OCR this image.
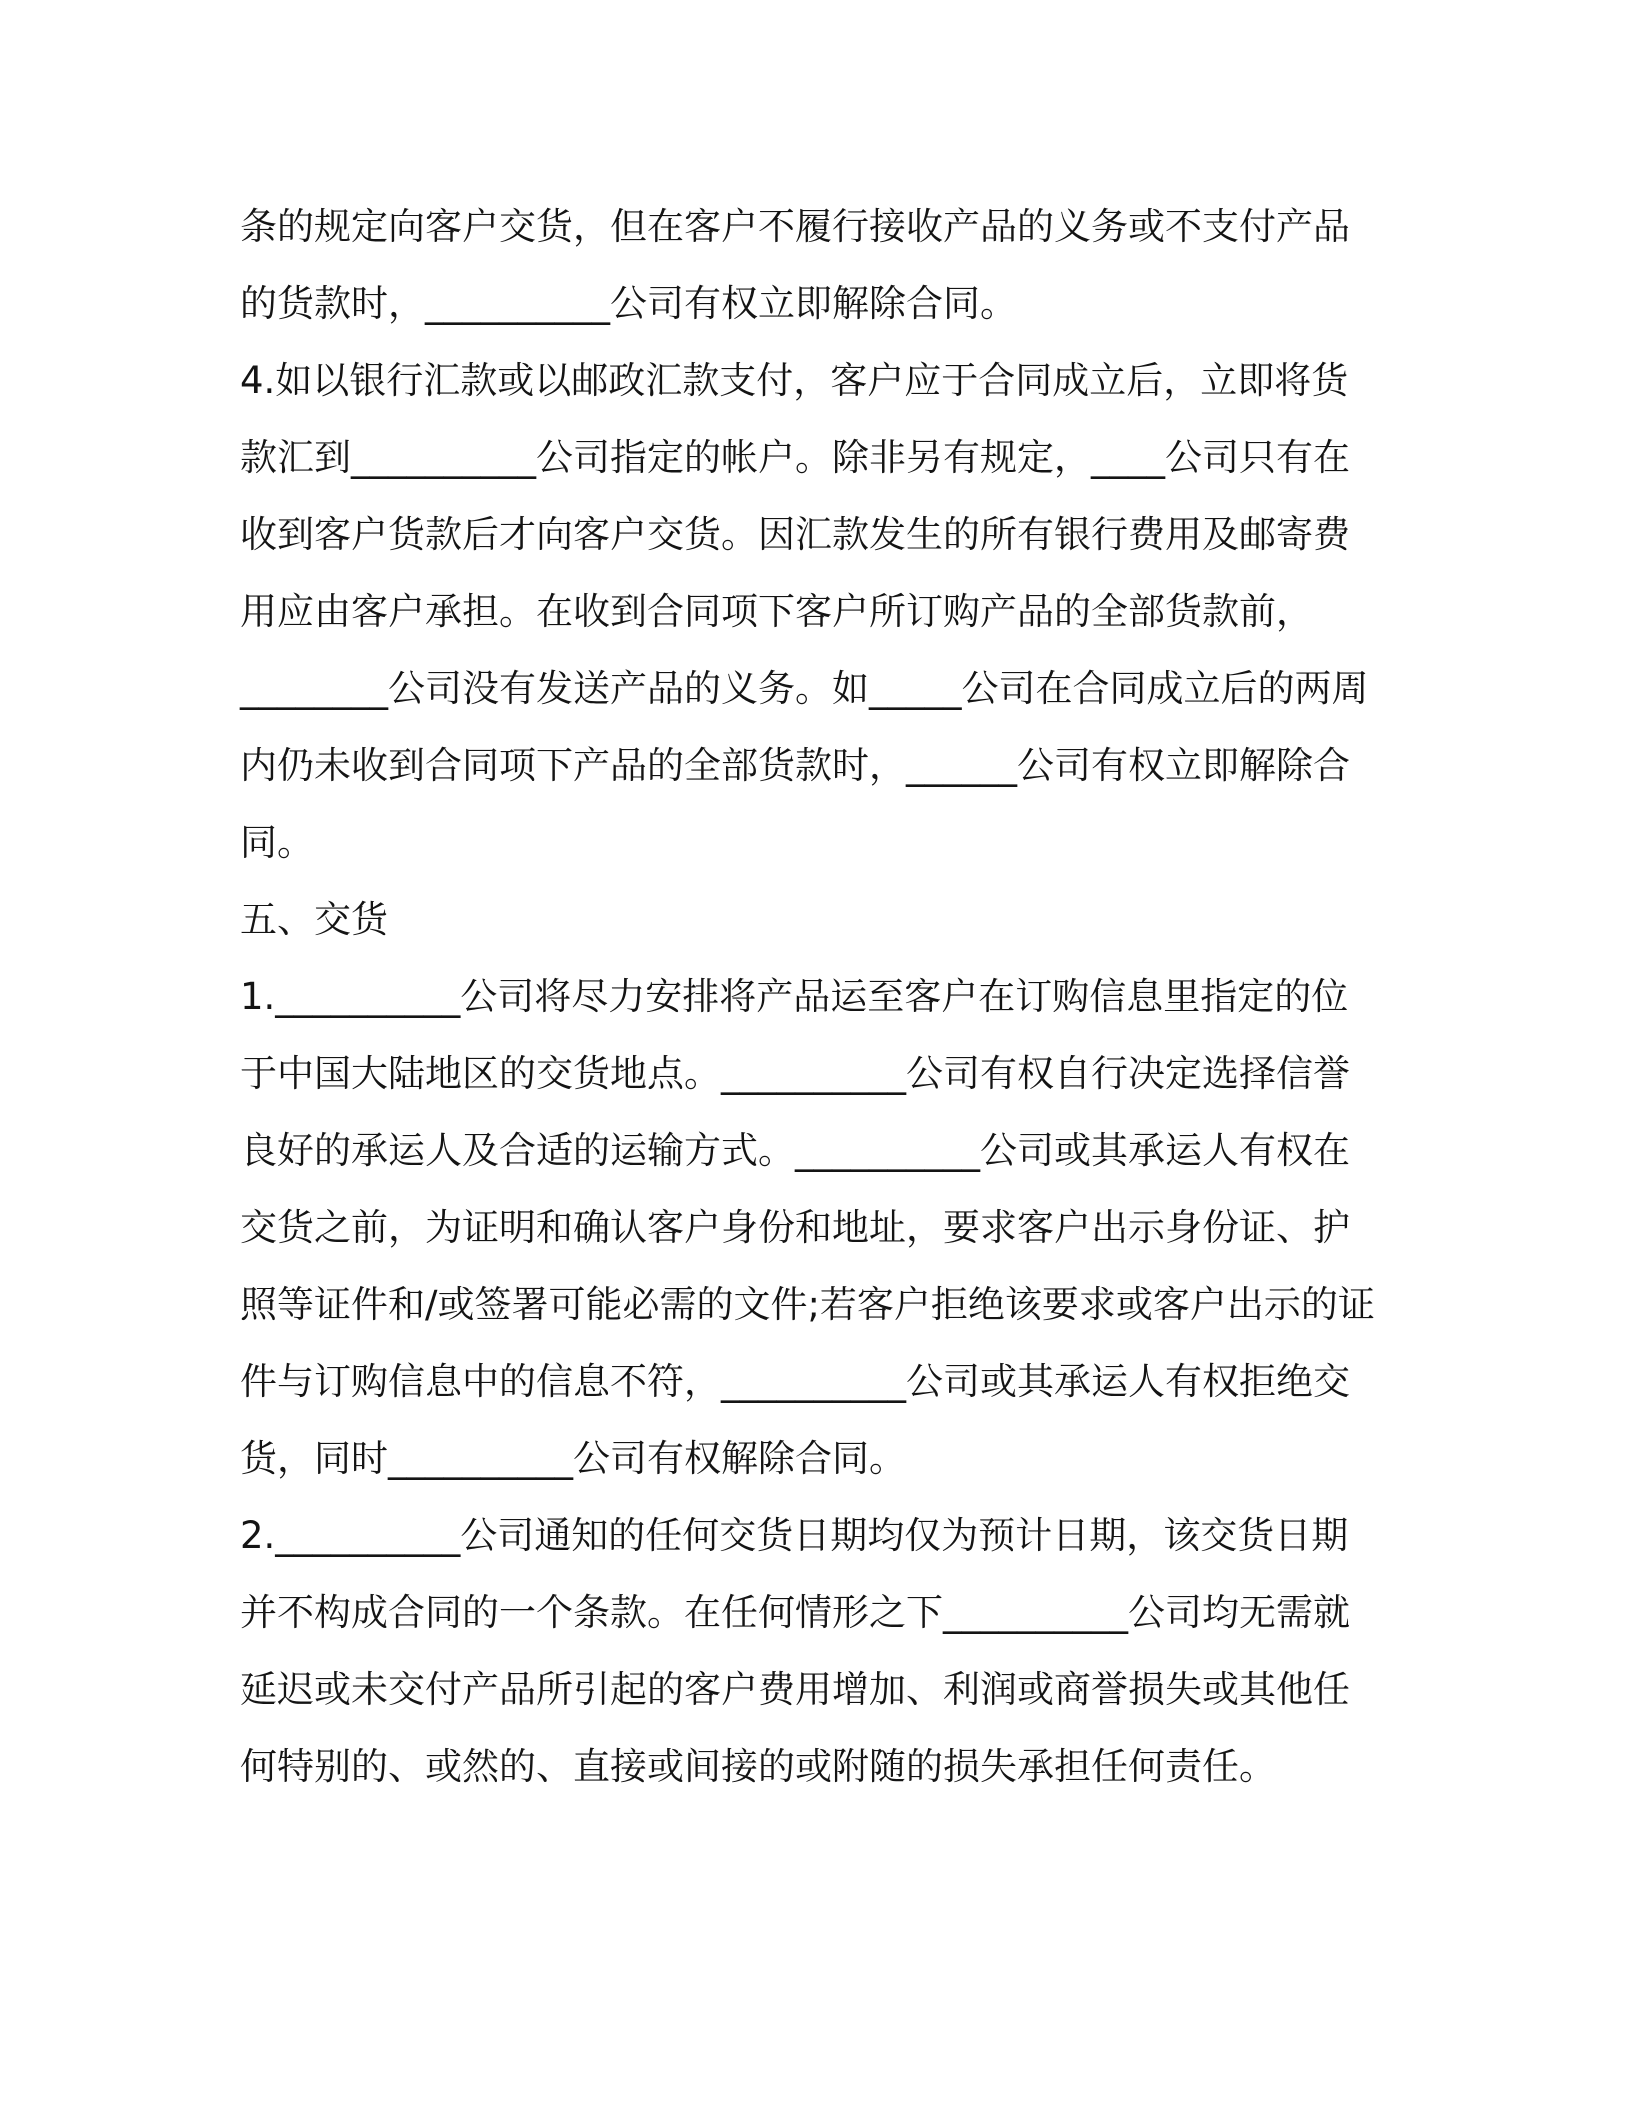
条的规定向客户交货，但在客户不履行接收产品的义务或不支付产品
的货款时，__________公司有权立即解除合同。
4.如以银行汇款或以邮政汇款支付，客户应于合同成立后，立即将货
款汇到__________公司指定的帐户。除非另有规定，____公司只有在
收到客户货款后才向客户交货。因汇款发生的所有银行费用及邮寄费
用应由客户承担。在收到合同项下客户所订购产品的全部货款前，
________公司没有发送产品的义务。如_____公司在合同成立后的两周
内仍未收到合同项下产品的全部货款时，______公司有权立即解除合
同。
五、交货
1.__________公司将尽力安排将产品运至客户在订购信息里指定的位
于中国大陆地区的交货地点。__________公司有权自行决定选择信誉
良好的承运人及合适的运输方式。__________公司或其承运人有权在
交货之前，为证明和确认客户身份和地址，要求客户出示身份证、护
照等证件和/或签署可能必需的文件;若客户拒绝该要求或客户出示的证
件与订购信息中的信息不符，__________公司或其承运人有权拒绝交
货，同时__________公司有权解除合同。
2.__________公司通知的任何交货日期均仅为预计日期，该交货日期
并不构成合同的一个条款。在任何情形之下__________公司均无需就
延迟或未交付产品所引起的客户费用增加、利润或商誉损失或其他任
何特别的、或然的、直接或间接的或附随的损失承担任何责任。
